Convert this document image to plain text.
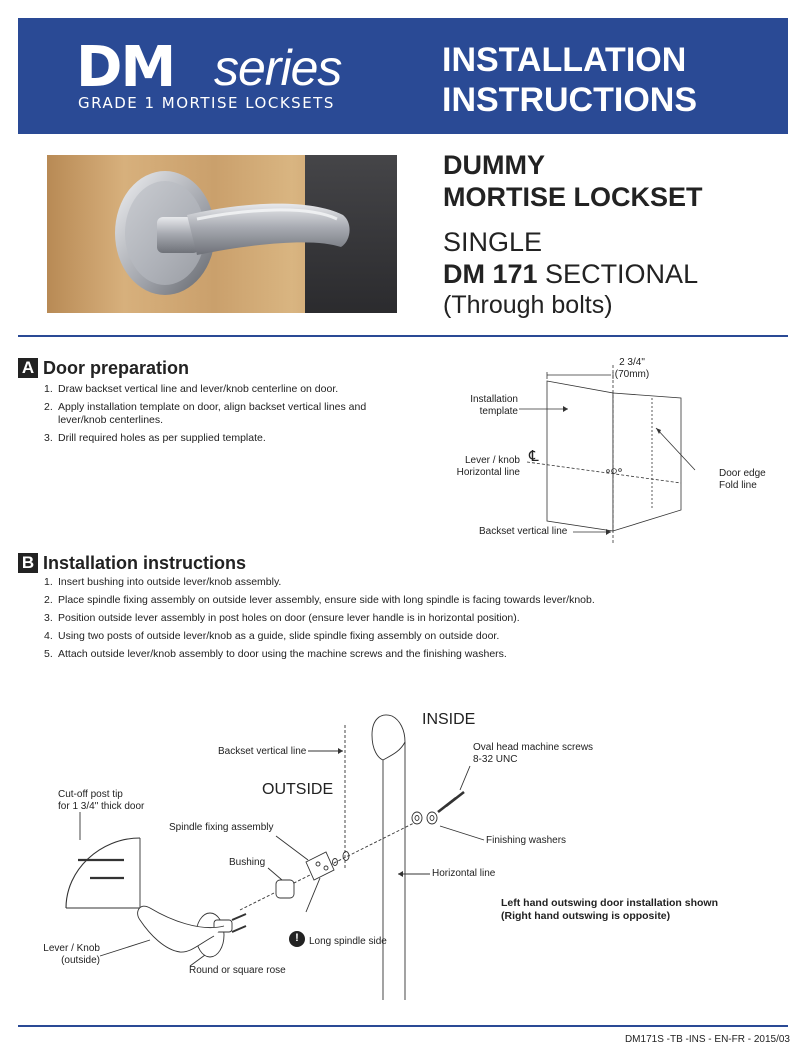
DM series
GRADE 1 MORTISE LOCKSETS
INSTALLATION
INSTRUCTIONS
DUMMY
MORTISE LOCKSET
SINGLE
DM 171 SECTIONAL
(Through bolts)
A Door preparation
1. Draw backset vertical line and lever/knob centerline on door.
2. Apply installation template on door, align backset vertical lines and lever/knob centerlines.
3. Drill required holes as per supplied template.
2 3/4"
(70mm)
Installation
template
Lever / knob
Horizontal line
℄
Door edge
Fold line
Backset vertical line
B Installation instructions
1. Insert bushing into outside lever/knob assembly.
2. Place spindle fixing assembly on outside lever assembly, ensure side with long spindle is facing towards lever/knob.
3. Position outside lever assembly in post holes on door (ensure lever handle is in horizontal position).
4. Using two posts of outside lever/knob as a guide, slide spindle fixing assembly on outside door.
5. Attach outside lever/knob assembly to door using the machine screws and the finishing washers.
INSIDE
OUTSIDE
Backset vertical line	Oval head machine screws
8-32 UNC
Cut-off post tip
for 1 3/4" thick door
Spindle fixing assembly
Finishing washers
Bushing
Horizontal line
Left hand outswing door installation shown
(Right hand outswing is opposite)
! Long spindle side
Lever / Knob
(outside)
Round or square rose
DM171S -TB -INS - EN-FR - 2015/03
